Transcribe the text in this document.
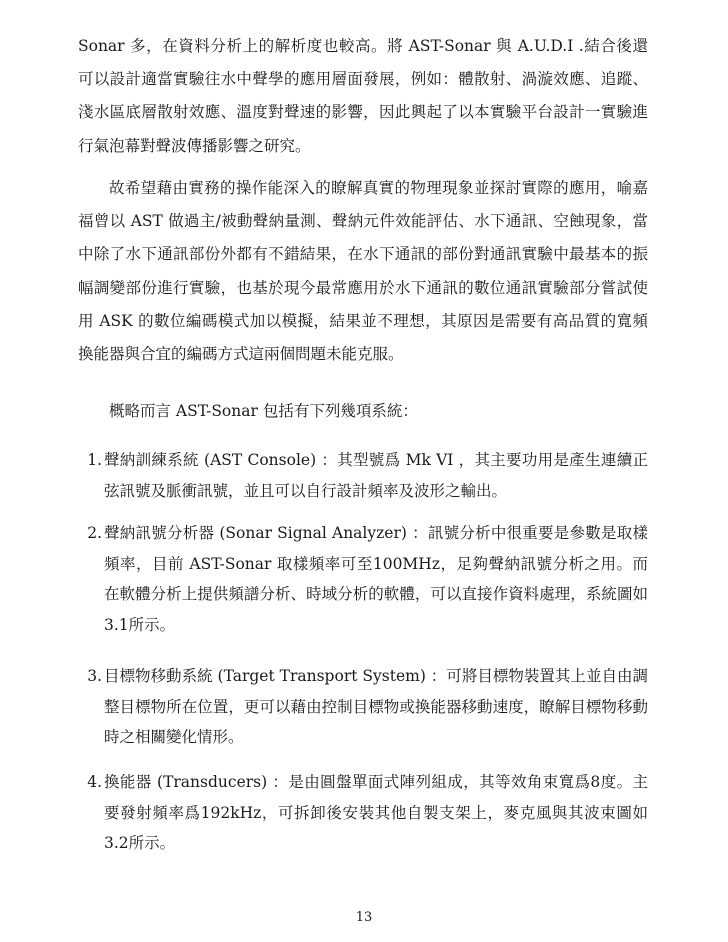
Sonar 多，在資料分析上的解析度也較高。將 AST-Sonar 與 A.U.D.I .結合後還可以設計適當實驗往水中聲學的應用層面發展，例如：體散射、渦漩效應、追蹤、淺水區底層散射效應、溫度對聲速的影響，因此興起了以本實驗平台設計一實驗進行氣泡幕對聲波傳播影響之研究。

故希望藉由實務的操作能深入的瞭解真實的物理現象並探討實際的應用，喻嘉福曾以 AST 做過主/被動聲納量測、聲納元件效能評估、水下通訊、空蝕現象，當中除了水下通訊部份外都有不錯結果，在水下通訊的部份對通訊實驗中最基本的振幅調變部份進行實驗，也基於現今最常應用於水下通訊的數位通訊實驗部分嘗試使用 ASK 的數位編碼模式加以模擬，結果並不理想，其原因是需要有高品質的寬頻換能器與合宜的編碼方式這兩個問題未能克服。

概略而言 AST-Sonar 包括有下列幾項系統：

1. 聲納訓練系統 (AST Console) ：其型號爲 Mk VI ，其主要功用是產生連續正弦訊號及脈衝訊號，並且可以自行設計頻率及波形之輸出。
2. 聲納訊號分析器 (Sonar Signal Analyzer) ：訊號分析中很重要是參數是取樣頻率，目前 AST-Sonar 取樣頻率可至100MHz，足夠聲納訊號分析之用。而在軟體分析上提供頻譜分析、時域分析的軟體，可以直接作資料處理，系統圖如 3.1所示。
3. 目標物移動系統 (Target Transport System) ：可將目標物裝置其上並自由調整目標物所在位置，更可以藉由控制目標物或換能器移動速度，瞭解目標物移動時之相關變化情形。
4. 換能器 (Transducers) ：是由圓盤單面式陣列組成，其等效角束寬爲8度。主要發射頻率爲192kHz，可拆卸後安裝其他自製支架上，麥克風與其波束圖如 3.2所示。
13
